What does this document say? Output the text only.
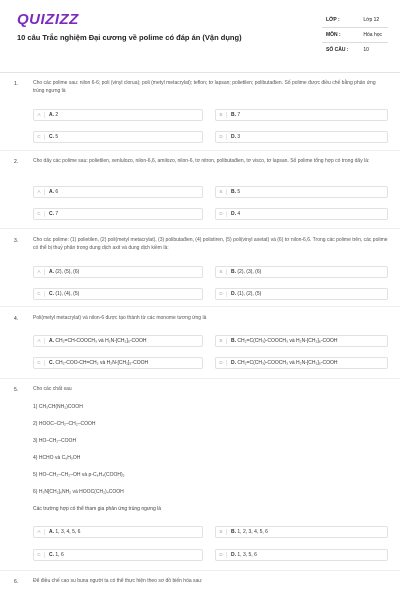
QUIZIZZ
10 câu Trắc nghiệm Đại cương về polime có đáp án (Vận dụng)
LỚP :	Lớp 12
MÔN :	Hóa học
SỐ CÂU :	10
1.	Cho các polime sau: nilon 6-6; poli (vinyl clorua); poli (metyl metacrylat); teflon; tơ lapsan; polietilen; polibutađien. Số polime được điều chế bằng phản ứng trùng ngưng là
A	A. 2	B	B. 7
C	C. 5	D	D. 3
2.	Cho dãy các polime sau: polietilen, xenlulozo, nilon-6,6, amilozo, nilon-6, tơ nitron, polibutađien, tơ visco, tơ lapsan. Số polime tổng hợp có trong dãy là:
A	A. 6	B	B. 5
C	C. 7	D	D. 4
3.	Cho các polime: (1) polietilen, (2) poli(metyl metacrylat), (3) polibutađien, (4) polistiren, (5) poli(vinyl axetat) và (6) tơ nilon-6,6. Trong các polime trên, các polime có thể bị thuỷ phân trong dung dịch axit và dung dịch kiềm là:
A	A. (2), (5), (6)	B	B. (2), (3), (6)
C	C. (1), (4), (5)	D	D. (1), (2), (5)
4.	Poli(metyl metacrylat) và nilon-6 được tạo thành từ các monome tương ứng là
A	A. CH₂=CH-COOCH₃ và H₂N-[CH₂]₅-COOH	B	B. CH₂=C(CH₃)-COOCH₃ và H₂N-[CH₂]₆-COOH
C	C. CH₂-COO-CH=CH₂ và H₂N-[CH₂]₅-COOH	D	D. CH₂=C(CH₃)-COOCH₃ và H₂N-[CH₂]₅-COOH
5.	Cho các chất sau
1) CH₃CH(NH₂)COOH
2) HOOC–CH₂–CH₂–COOH
3) HO–CH₂–COOH
4) HCHO và C₆H₅OH
5) HO–CH₂–CH₂–OH và p-C₆H₄(COOH)₂
6) H₂N[CH₂]₆NH₂ và HOOC(CH₂)₄COOH
Các trường hợp có thể tham gia phản ứng trùng ngưng là
A	A. 1, 3, 4, 5, 6	B	B. 1, 2, 3, 4, 5, 6
C	C. 1, 6	D	D. 1, 3, 5, 6
6.	Để điều chế cao su buna người ta có thể thực hiện theo sơ đồ biến hóa sau:
